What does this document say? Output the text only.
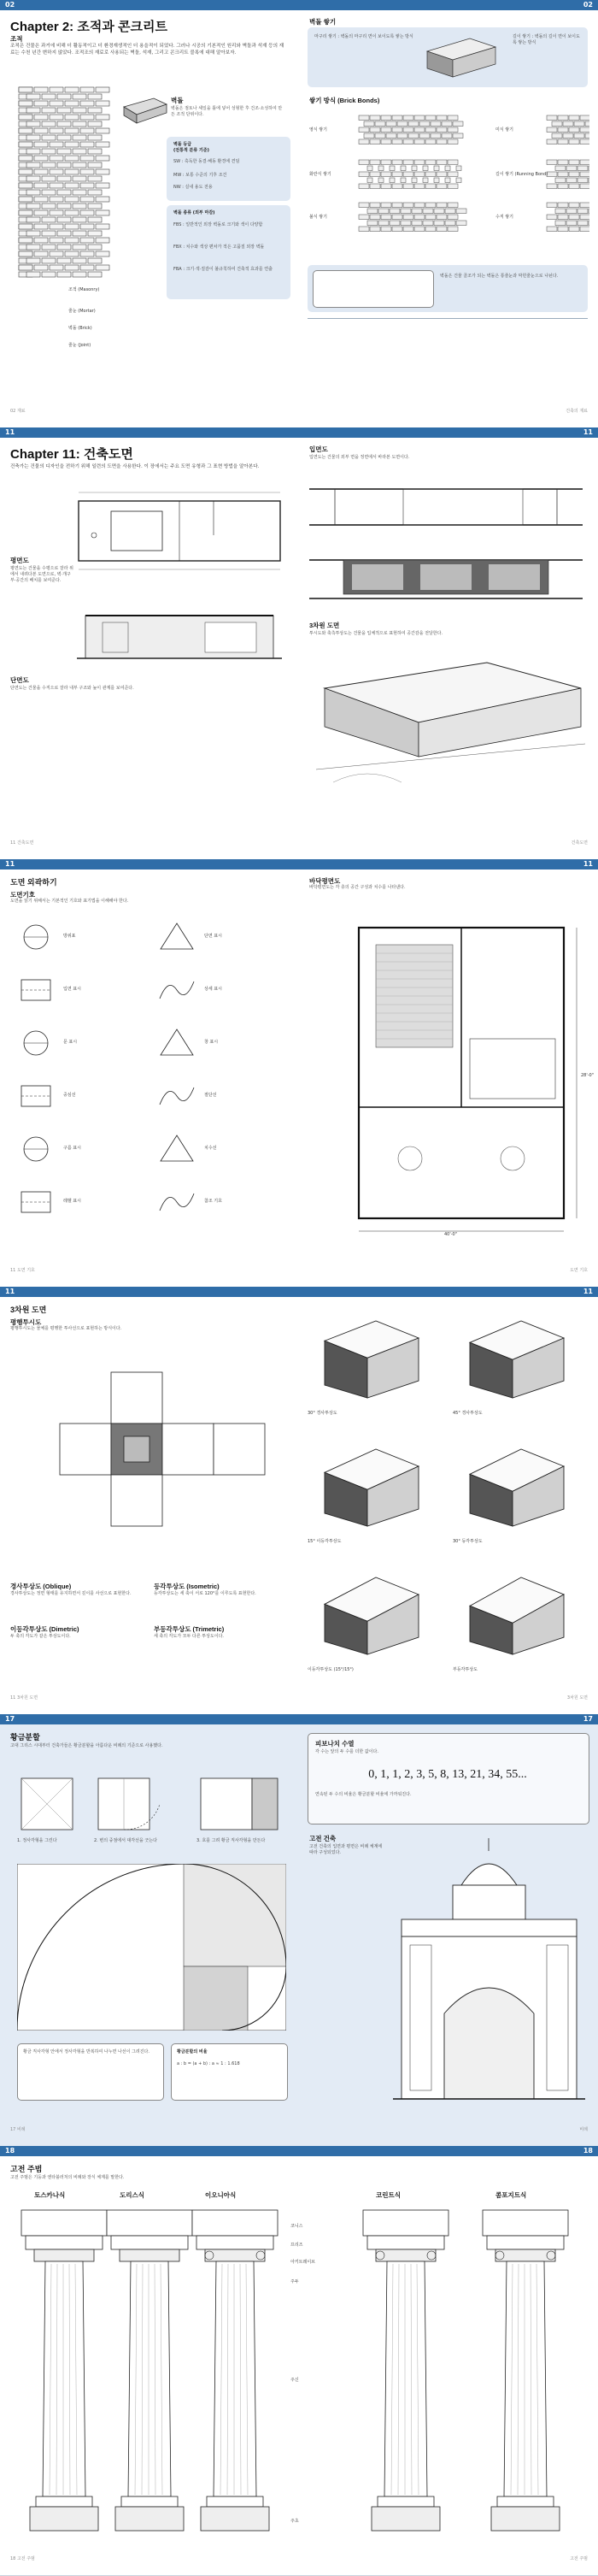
02	02
Chapter 2: 조적과 콘크리트
조적
조적은 건물은 과거에 비해 더 활동적이고 더 환경재생적인 더 용을적이 되었다. 그러나 시공의 기본적인 원리와 벽돌과 석재 등의 재료는 수천 년간 변하지 않았다. 조적조의 재료로 사용되는 벽돌, 석재, 그리고 콘크리트 블록에 대해 알아보자.
조적 (Masonry)
줄눈 (Mortar)
벽돌 (Brick)
줄눈 (Joint)
벽돌
벽돌은 점토나 셰일을 틀에 넣어 성형한 후 건조·소성하여 만든 조적 단위이다.
벽돌 등급
(전통적 분류 기준)
SW : 혹독한 동결·해동 환경에 견딤
MW : 보통 수준의 기후 조건
NW : 실내 용도 전용
벽돌 종류 (외부 마감)
FBS : 일반적인 외장 벽돌로 크기와 색이 다양함
FBX : 치수와 색상 편차가 적은 고품질 외장 벽돌
FBA : 크기·색·질감이 불규칙하여 건축적 효과를 연출
벽돌 쌓기
마구리 쌓기 : 벽돌의 마구리 면이 보이도록 쌓는 방식	길이 쌓기 : 벽돌의 길이 면이 보이도록 쌓는 방식
쌓기 방식 (Brick Bonds)
영식 쌓기
화란식 쌓기
불식 쌓기
미식 쌓기
길이 쌓기 (Running Bond)
수직 쌓기
벽돌은 건물 골조가 되는 벽돌은 통줄눈과 막힌줄눈으로 나뉜다.
02 재료	건축의 재료
11	11
Chapter 11: 건축도면
건축가는 건물의 디자인을 전하기 위해 일련의 도면을 사용한다. 이 장에서는 주요 도면 유형과 그 표현 방법을 알아본다.
평면도
평면도는 건물을 수평으로 잘라 위에서 내려다본 도면으로, 벽·개구부·공간의 배치를 보여준다.
단면도
단면도는 건물을 수직으로 잘라 내부 구조와 높이 관계를 보여준다.
입면도
입면도는 건물의 외부 면을 정면에서 바라본 도면이다.
3차원 도면
투시도와 축측투상도는 건물을 입체적으로 표현하여 공간감을 전달한다.
11 건축도면	건축도면
11	11
도면 외곽하기
도면기호
도면을 읽기 위해서는 기본적인 기호와 표기법을 이해해야 한다.
방위표	단면 표시
입면 표시	상세 표시
문 표시	창 표시
중심선	절단선
구름 표시	치수선
레벨 표시	참조 기호
바닥평면도
바닥평면도는 각 층의 공간 구성과 치수를 나타낸다.
40'-0"
28'-0"
11 도면 기호	도면 기호
11	11
3차원 도면
평행투시도
평행투시도는 물체를 평행한 투사선으로 표현하는 방식이다.
경사투상도 (Oblique)
경사투상도는 정면 형태를 유지하면서 깊이를 사선으로 표현한다.
등각투상도 (Isometric)
등각투상도는 세 축이 서로 120°를 이루도록 표현한다.
이등각투상도 (Dimetric)
두 축의 각도가 같은 투상도이다.
부등각투상도 (Trimetric)
세 축의 각도가 모두 다른 투상도이다.
30° 경사투상도	45° 경사투상도
15° 이등각투상도	30° 등각투상도
이등각투상도 (15°/15°)	부등각투상도
11 3차원 도면	3차원 도면
17	17
황금분할
고대 그리스 시대부터 건축가들은 황금분할을 아름다운 비례의 기준으로 사용했다.
1. 정사각형을 그린다	2. 변의 중점에서 대각선을 긋는다	3. 호를 그려 황금 직사각형을 만든다
황금 직사각형 안에서 정사각형을 반복하여 나누면 나선이 그려진다.	황금분할의 비율
a : b = (a + b) : a ≈ 1 : 1.618
피보나치 수열
각 수는 앞의 두 수를 더한 값이다.
0, 1, 1, 2, 3, 5, 8, 13, 21, 34, 55...
연속된 두 수의 비율은 황금분할 비율에 가까워진다.
고전 건축
고전 건축의 입면과 평면은 비례 체계에 따라 구성되었다.
17 비례	비례
18	18
고전 주범
고전 주범은 기둥과 엔타블러처의 비례와 장식 체계를 말한다.
토스카나식	도리스식	이오니아식	코린트식	콤포지트식
코니스
프리즈
아키트레이브
주두
주신
주초
18 고전 주범	고전 주범
